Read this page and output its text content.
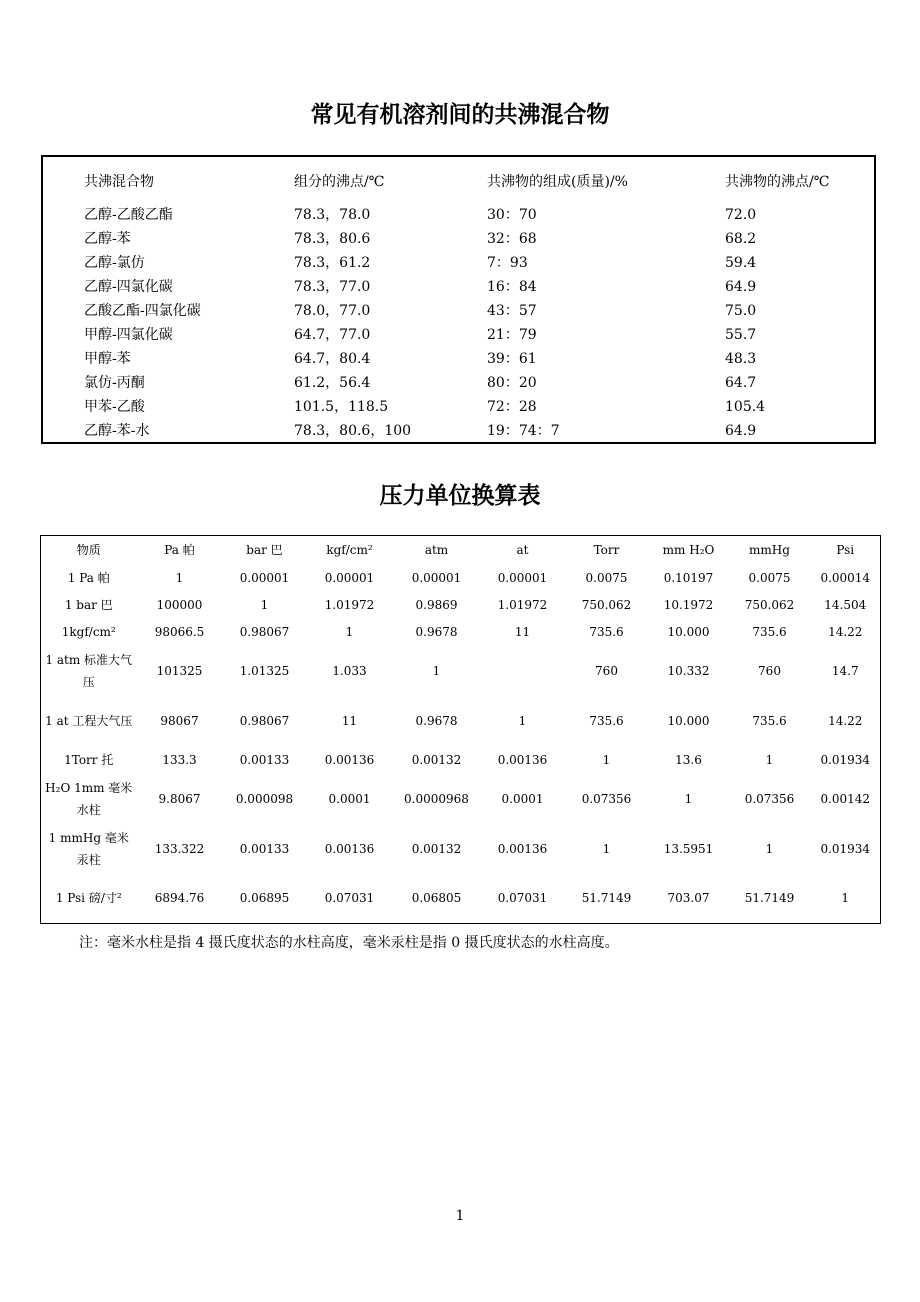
常见有机溶剂间的共沸混合物
共沸混合物	组分的沸点/℃	共沸物的组成(质量)/%	共沸物的沸点/℃
乙醇-乙酸乙酯	78.3，78.0	30：70	72.0
乙醇-苯	78.3，80.6	32：68	68.2
乙醇-氯仿	78.3，61.2	7：93	59.4
乙醇-四氯化碳	78.3，77.0	16：84	64.9
乙酸乙酯-四氯化碳	78.0，77.0	43：57	75.0
甲醇-四氯化碳	64.7，77.0	21：79	55.7
甲醇-苯	64.7，80.4	39：61	48.3
氯仿-丙酮	61.2，56.4	80：20	64.7
甲苯-乙酸	101.5，118.5	72：28	105.4
乙醇-苯-水	78.3，80.6，100	19：74：7	64.9
压力单位换算表
物质	Pa 帕	bar 巴	kgf/cm²	atm	at	Torr	mm H₂O	mmHg	Psi
1 Pa 帕	1	0.00001	0.00001	0.00001	0.00001	0.0075	0.10197	0.0075	0.00014
1 bar 巴	100000	1	1.01972	0.9869	1.01972	750.062	10.1972	750.062	14.504
1kgf/cm²	98066.5	0.98067	1	0.9678	11	735.6	10.000	735.6	14.22
1 atm 标准大气压	101325	1.01325	1.033	1		760	10.332	760	14.7
1 at 工程大气压	98067	0.98067	11	0.9678	1	735.6	10.000	735.6	14.22
1Torr 托	133.3	0.00133	0.00136	0.00132	0.00136	1	13.6	1	0.01934
H₂O 1mm 毫米水柱	9.8067	0.000098	0.0001	0.0000968	0.0001	0.07356	1	0.07356	0.00142
1 mmHg 毫米汞柱	133.322	0.00133	0.00136	0.00132	0.00136	1	13.5951	1	0.01934
1 Psi 磅/寸²	6894.76	0.06895	0.07031	0.06805	0.07031	51.7149	703.07	51.7149	1
注：毫米水柱是指 4 摄氏度状态的水柱高度，毫米汞柱是指 0 摄氏度状态的水柱高度。
1
